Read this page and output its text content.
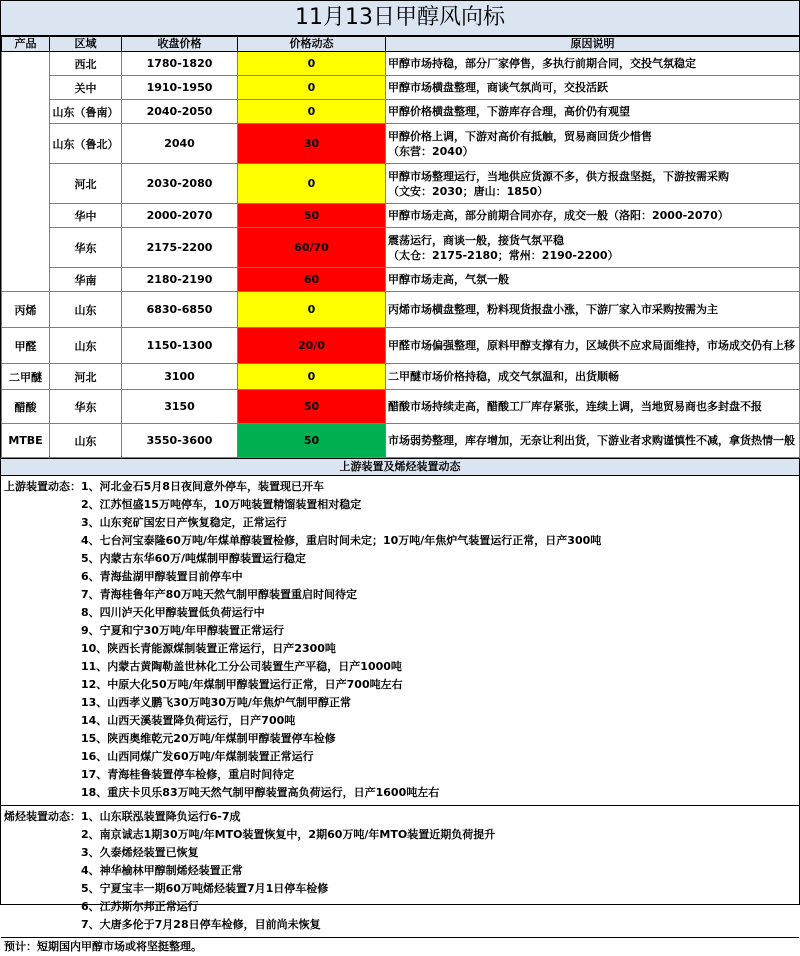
11月13日甲醇风向标
产品	区域	收盘价格	价格动态	原因说明
	西北	1780-1820	0	甲醇市场持稳，部分厂家停售，多执行前期合同，交投气氛稳定

	关中	1910-1950	0	甲醇市场横盘整理，商谈气氛尚可，交投活跃

	山东（鲁南）	2040-2050	0	甲醇价格横盘整理，下游库存合理，高价仍有观望

	山东（鲁北）	2040	30	甲醇价格上调，下游对高价有抵触，贸易商回货少惜售
（东营：2040）

	河北	2030-2080	0	甲醇市场整理运行，当地供应货源不多，供方报盘坚挺，下游按需采购
（文安：2030；唐山：1850）

	华中	2000-2070	50	甲醇市场走高，部分前期合同亦存，成交一般（洛阳：2000-2070）

	华东	2175-2200	60/70	震荡运行，商谈一般，接货气氛平稳
（太仓：2175-2180；常州：2190-2200）

	华南	2180-2190	60	甲醇市场走高，气氛一般

丙烯	山东	6830-6850	0	丙烯市场横盘整理，粉料现货报盘小涨，下游厂家入市采购按需为主

甲醛	山东	1150-1300	20/0	甲醛市场偏强整理，原料甲醇支撑有力，区域供不应求局面维持，市场成交仍有上移

二甲醚	河北	3100	0	二甲醚市场价格持稳，成交气氛温和，出货顺畅

醋酸	华东	3150	50	醋酸市场持续走高，醋酸工厂库存紧张，连续上调，当地贸易商也多封盘不报

MTBE	山东	3550-3600	50	市场弱势整理，库存增加，无奈让利出货，下游业者求购谨慎性不减，拿货热情一般
上游装置及烯烃装置动态
上游装置动态： 1、河北金石5月8日夜间意外停车，装置现已开车
2、江苏恒盛15万吨停车，10万吨装置精馏装置相对稳定
3、山东兖矿国宏日产恢复稳定，正常运行
4、七台河宝泰隆60万吨/年煤单醇装置检修，重启时间未定；10万吨/年焦炉气装置运行正常，日产300吨
5、内蒙古东华60万/吨煤制甲醇装置运行稳定
6、青海盐湖甲醇装置目前停车中
7、青海桂鲁年产80万吨天然气制甲醇装置重启时间待定
8、四川泸天化甲醇装置低负荷运行中
9、宁夏和宁30万吨/年甲醇装置正常运行
10、陕西长青能源煤制装置正常运行，日产2300吨
11、内蒙古黄陶勒盖世林化工分公司装置生产平稳，日产1000吨
12、中原大化50万吨/年煤制甲醇装置运行正常，日产700吨左右
13、山西孝义鹏飞30万吨30万吨/年焦炉气制甲醇正常
14、山西天溪装置降负荷运行，日产700吨
15、陕西奥维乾元20万吨/年煤制甲醇装置停车检修
16、山西同煤广发60万吨/年煤制装置正常运行
17、青海桂鲁装置停车检修，重启时间待定
18、重庆卡贝乐83万吨天然气制甲醇装置高负荷运行，日产1600吨左右
烯烃装置动态： 1、山东联泓装置降负运行6-7成
2、南京诚志1期30万吨/年MTO装置恢复中，2期60万吨/年MTO装置近期负荷提升
3、久泰烯烃装置已恢复
4、神华榆林甲醇制烯烃装置正常
5、宁夏宝丰一期60万吨烯烃装置7月1日停车检修
6、江苏斯尔邦正常运行
7、大唐多伦于7月28日停车检修，目前尚未恢复
预计：短期国内甲醇市场或将坚挺整理。
